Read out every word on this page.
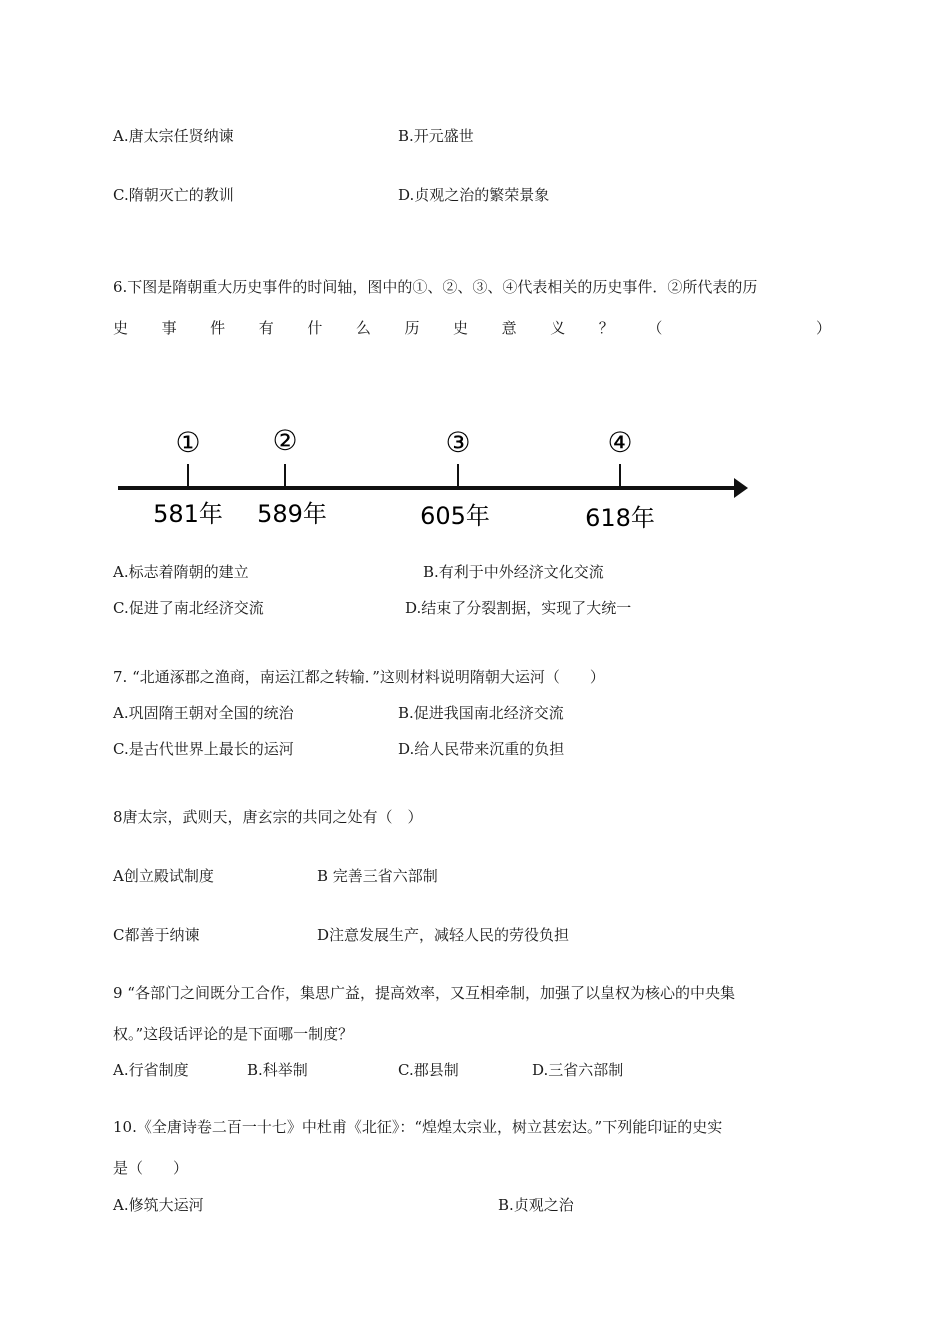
A.唐太宗任贤纳谏	B.开元盛世
C.隋朝灭亡的教训	D.贞观之治的繁荣景象
6.下图是隋朝重大历史事件的时间轴，图中的①、②、③、④代表相关的历史事件．②所代表的历
史 事 件 有 什 么 历 史 意 义 ？ （	）
①
581年
②
589年
③
605年
④
618年
A.标志着隋朝的建立	B.有利于中外经济文化交流
C.促进了南北经济交流	D.结束了分裂割据，实现了大统一
7. “北通涿郡之渔商，南运江都之转输．”这则材料说明隋朝大运河（　　）
A.巩固隋王朝对全国的统治	B.促进我国南北经济交流
C.是古代世界上最长的运河	D.给人民带来沉重的负担
8唐太宗，武则天，唐玄宗的共同之处有（　）
A创立殿试制度	B 完善三省六部制
C都善于纳谏	D注意发展生产，减轻人民的劳役负担
9 “各部门之间既分工合作，集思广益，提高效率，又互相牵制，加强了以皇权为核心的中央集
权。”这段话评论的是下面哪一制度？
A.行省制度	B.科举制	C.郡县制	D.三省六部制
10.《全唐诗卷二百一十七》中杜甫《北征》：“煌煌太宗业，树立甚宏达。”下列能印证的史实
是（　　）
A.修筑大运河	B.贞观之治
